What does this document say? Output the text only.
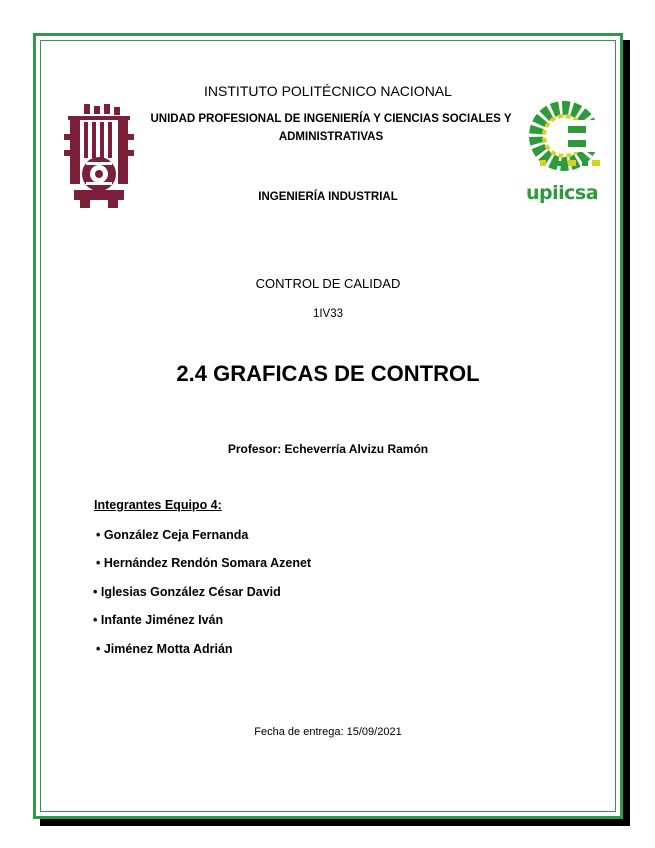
upiicsa
INSTITUTO POLITÉCNICO NACIONAL
UNIDAD PROFESIONAL DE INGENIERÍA Y CIENCIAS SOCIALES Y ADMINISTRATIVAS
INGENIERÍA INDUSTRIAL
CONTROL DE CALIDAD
1IV33
2.4 GRAFICAS DE CONTROL
Profesor: Echeverría Alvizu Ramón
Integrantes Equipo 4:
• González Ceja Fernanda
• Hernández Rendón Somara Azenet
• Iglesias González César David
• Infante Jiménez Iván
• Jiménez Motta Adrián
Fecha de entrega: 15/09/2021
